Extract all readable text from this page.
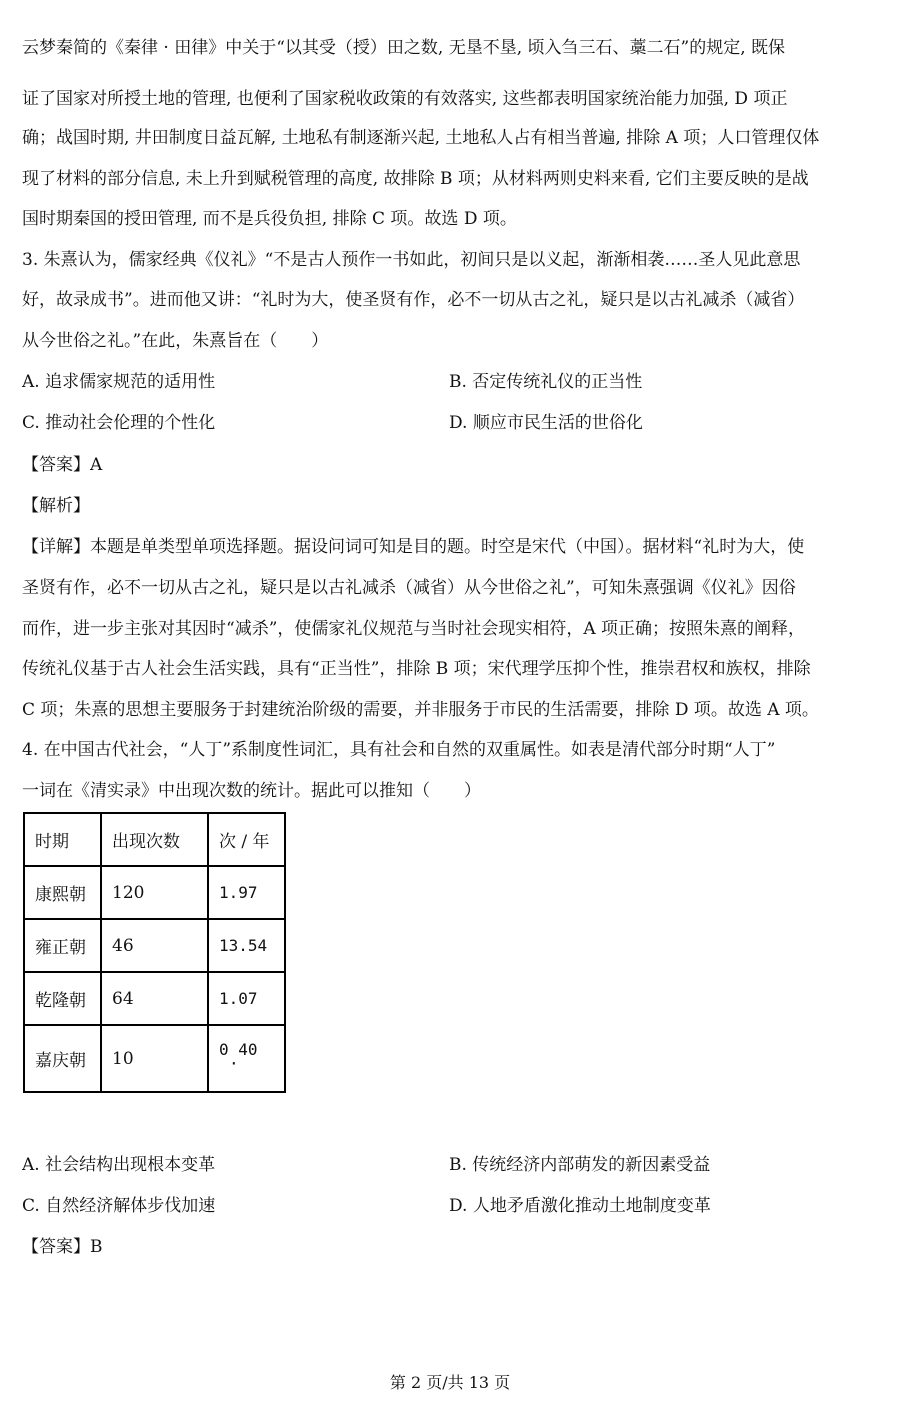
云梦秦简的《秦律 · 田律》中关于“以其受（授）田之数, 无垦不垦, 顷入刍三石、藁二石”的规定, 既保
证了国家对所授土地的管理, 也便利了国家税收政策的有效落实, 这些都表明国家统治能力加强, D 项正
确；战国时期, 井田制度日益瓦解, 土地私有制逐渐兴起, 土地私人占有相当普遍, 排除 A 项；人口管理仅体
现了材料的部分信息, 未上升到赋税管理的高度, 故排除 B 项；从材料两则史料来看, 它们主要反映的是战
国时期秦国的授田管理, 而不是兵役负担, 排除 C 项。故选 D 项。
3. 朱熹认为，儒家经典《仪礼》“不是古人预作一书如此，初间只是以义起，渐渐相袭……圣人见此意思
好，故录成书”。进而他又讲：“礼时为大，使圣贤有作，必不一切从古之礼，疑只是以古礼减杀（减省）
从今世俗之礼。”在此，朱熹旨在（　　）
A. 追求儒家规范的适用性	B. 否定传统礼仪的正当性
C. 推动社会伦理的个性化	D. 顺应市民生活的世俗化
【答案】A
【解析】
【详解】本题是单类型单项选择题。据设问词可知是目的题。时空是宋代（中国）。据材料“礼时为大，使
圣贤有作，必不一切从古之礼，疑只是以古礼减杀（减省）从今世俗之礼”，可知朱熹强调《仪礼》因俗
而作，进一步主张对其因时“减杀”，使儒家礼仪规范与当时社会现实相符，A 项正确；按照朱熹的阐释，
传统礼仪基于古人社会生活实践，具有“正当性”，排除 B 项；宋代理学压抑个性，推崇君权和族权，排除
C 项；朱熹的思想主要服务于封建统治阶级的需要，并非服务于市民的生活需要，排除 D 项。故选 A 项。
4. 在中国古代社会，“人丁”系制度性词汇，具有社会和自然的双重属性。如表是清代部分时期“人丁”
一词在《清实录》中出现次数的统计。据此可以推知（　　）
时期	出现次数	次 / 年
康熙朝	120	1.97
雍正朝	46	13.54
乾隆朝	64	1.07
嘉庆朝	10	0 40
·
A. 社会结构出现根本变革	B. 传统经济内部萌发的新因素受益
C. 自然经济解体步伐加速	D. 人地矛盾激化推动土地制度变革
【答案】B
第 2 页/共 13 页
